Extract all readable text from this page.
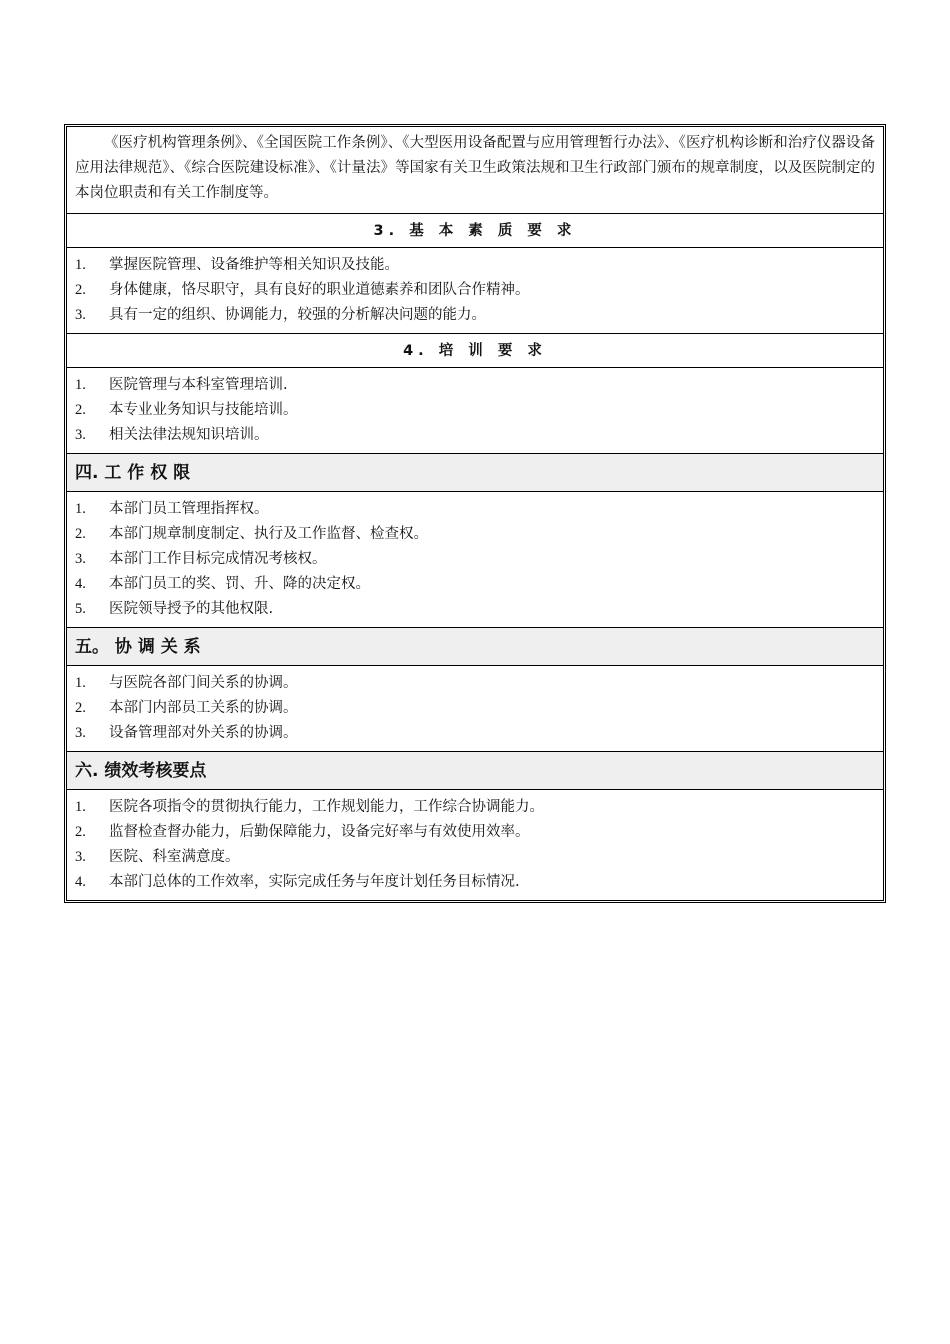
《医疗机构管理条例》、《全国医院工作条例》、《大型医用设备配置与应用管理暂行办法》、《医疗机构诊断和治疗仪器设备应用法律规范》、《综合医院建设标准》、《计量法》等国家有关卫生政策法规和卫生行政部门颁布的规章制度，以及医院制定的本岗位职责和有关工作制度等。
3. 基 本 素 质 要 求
1.	掌握医院管理、设备维护等相关知识及技能。
2.	身体健康，恪尽职守，具有良好的职业道德素养和团队合作精神。
3.	具有一定的组织、协调能力，较强的分析解决问题的能力。
4. 培 训 要 求
1.	医院管理与本科室管理培训.
2.	本专业业务知识与技能培训。
3.	相关法律法规知识培训。
四. 工 作 权 限
1.	本部门员工管理指挥权。
2.	本部门规章制度制定、执行及工作监督、检查权。
3.	本部门工作目标完成情况考核权。
4.	本部门员工的奖、罚、升、降的决定权。
5.	医院领导授予的其他权限.
五。 协 调 关 系
1.	与医院各部门间关系的协调。
2.	本部门内部员工关系的协调。
3.	设备管理部对外关系的协调。
六. 绩效考核要点
1.	医院各项指令的贯彻执行能力，工作规划能力，工作综合协调能力。
2.	监督检查督办能力，后勤保障能力，设备完好率与有效使用效率。
3.	医院、科室满意度。
4.	本部门总体的工作效率，实际完成任务与年度计划任务目标情况.
